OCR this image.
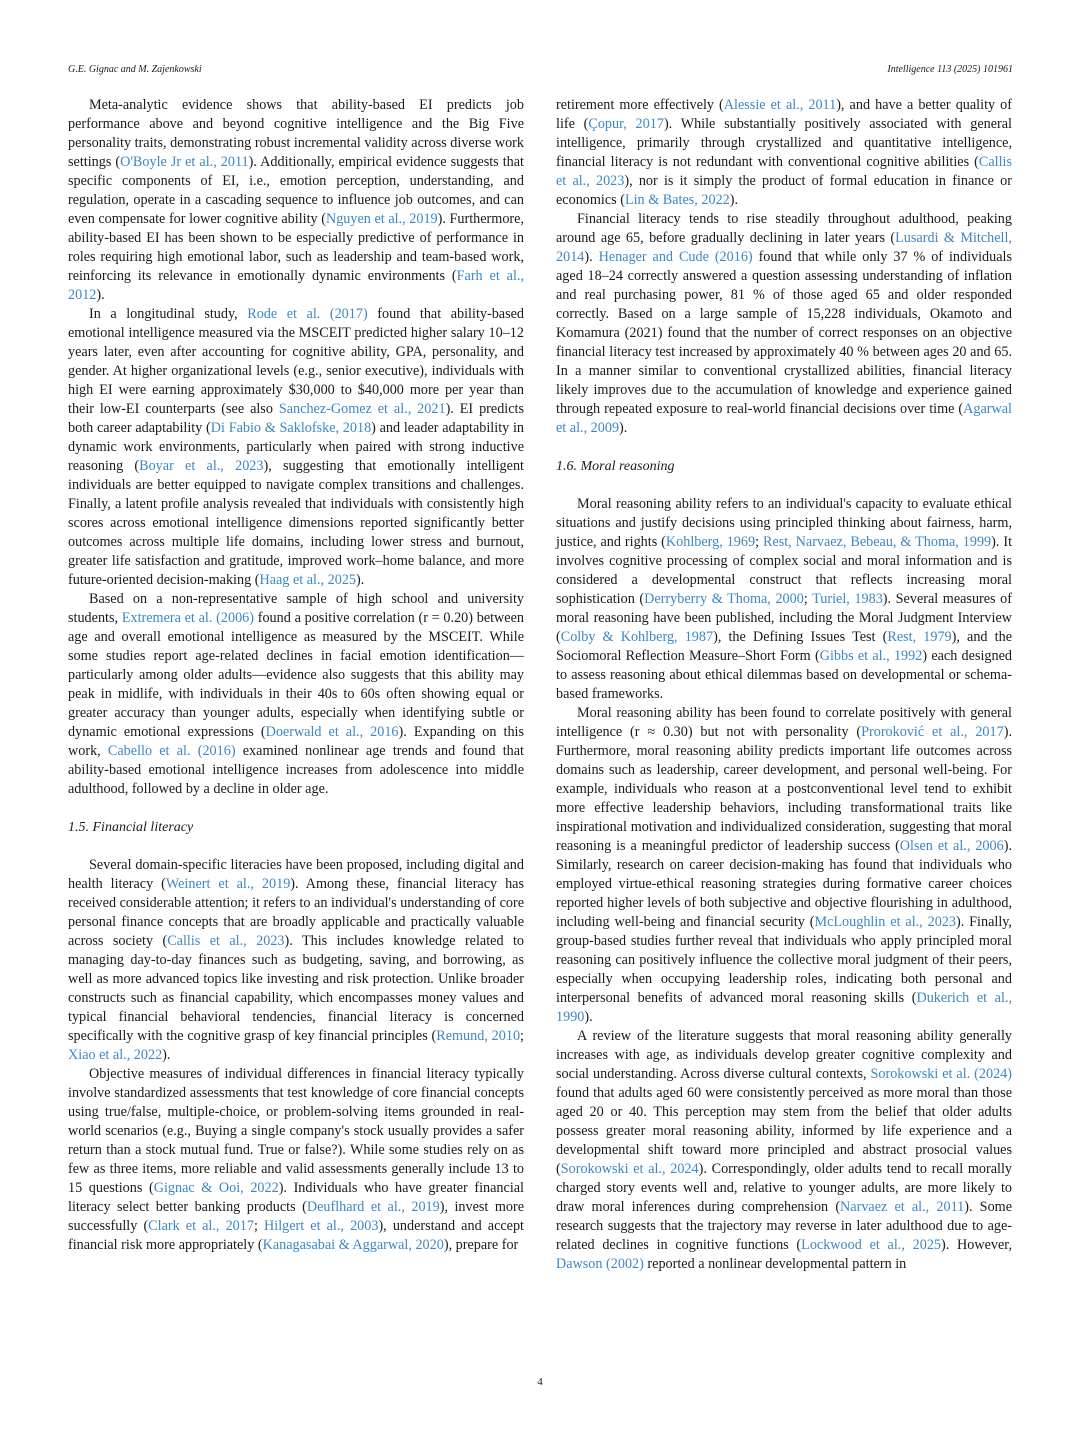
G.E. Gignac and M. Zajenkowski	Intelligence 113 (2025) 101961

Meta-analytic evidence shows that ability-based EI predicts job performance above and beyond cognitive intelligence and the Big Five personality traits, demonstrating robust incremental validity across diverse work settings (O'Boyle Jr et al., 2011). Additionally, empirical evidence suggests that specific components of EI, i.e., emotion perception, understanding, and regulation, operate in a cascading sequence to influence job outcomes, and can even compensate for lower cognitive ability (Nguyen et al., 2019). Furthermore, ability-based EI has been shown to be especially predictive of performance in roles requiring high emotional labor, such as leadership and team-based work, reinforcing its relevance in emotionally dynamic environments (Farh et al., 2012).

In a longitudinal study, Rode et al. (2017) found that ability-based emotional intelligence measured via the MSCEIT predicted higher salary 10–12 years later, even after accounting for cognitive ability, GPA, personality, and gender. At higher organizational levels (e.g., senior executive), individuals with high EI were earning approximately $30,000 to $40,000 more per year than their low-EI counterparts (see also Sanchez-Gomez et al., 2021). EI predicts both career adaptability (Di Fabio & Saklofske, 2018) and leader adaptability in dynamic work environments, particularly when paired with strong inductive reasoning (Boyar et al., 2023), suggesting that emotionally intelligent individuals are better equipped to navigate complex transitions and challenges. Finally, a latent profile analysis revealed that individuals with consistently high scores across emotional intelligence dimensions reported significantly better outcomes across multiple life domains, including lower stress and burnout, greater life satisfaction and gratitude, improved work–home balance, and more future-oriented decision-making (Haag et al., 2025).

Based on a non-representative sample of high school and university students, Extremera et al. (2006) found a positive correlation (r = 0.20) between age and overall emotional intelligence as measured by the MSCEIT. While some studies report age-related declines in facial emotion identification—particularly among older adults—evidence also suggests that this ability may peak in midlife, with individuals in their 40s to 60s often showing equal or greater accuracy than younger adults, especially when identifying subtle or dynamic emotional expressions (Doerwald et al., 2016). Expanding on this work, Cabello et al. (2016) examined nonlinear age trends and found that ability-based emotional intelligence increases from adolescence into middle adulthood, followed by a decline in older age.

1.5. Financial literacy

Several domain-specific literacies have been proposed, including digital and health literacy (Weinert et al., 2019). Among these, financial literacy has received considerable attention; it refers to an individual's understanding of core personal finance concepts that are broadly applicable and practically valuable across society (Callis et al., 2023). This includes knowledge related to managing day-to-day finances such as budgeting, saving, and borrowing, as well as more advanced topics like investing and risk protection. Unlike broader constructs such as financial capability, which encompasses money values and typical financial behavioral tendencies, financial literacy is concerned specifically with the cognitive grasp of key financial principles (Remund, 2010; Xiao et al., 2022).

Objective measures of individual differences in financial literacy typically involve standardized assessments that test knowledge of core financial concepts using true/false, multiple-choice, or problem-solving items grounded in real-world scenarios (e.g., Buying a single company's stock usually provides a safer return than a stock mutual fund. True or false?). While some studies rely on as few as three items, more reliable and valid assessments generally include 13 to 15 questions (Gignac & Ooi, 2022). Individuals who have greater financial literacy select better banking products (Deuflhard et al., 2019), invest more successfully (Clark et al., 2017; Hilgert et al., 2003), understand and accept financial risk more appropriately (Kanagasabai & Aggarwal, 2020), prepare for

retirement more effectively (Alessie et al., 2011), and have a better quality of life (Çopur, 2017). While substantially positively associated with general intelligence, primarily through crystallized and quantitative intelligence, financial literacy is not redundant with conventional cognitive abilities (Callis et al., 2023), nor is it simply the product of formal education in finance or economics (Lin & Bates, 2022).

Financial literacy tends to rise steadily throughout adulthood, peaking around age 65, before gradually declining in later years (Lusardi & Mitchell, 2014). Henager and Cude (2016) found that while only 37 % of individuals aged 18–24 correctly answered a question assessing understanding of inflation and real purchasing power, 81 % of those aged 65 and older responded correctly. Based on a large sample of 15,228 individuals, Okamoto and Komamura (2021) found that the number of correct responses on an objective financial literacy test increased by approximately 40 % between ages 20 and 65. In a manner similar to conventional crystallized abilities, financial literacy likely improves due to the accumulation of knowledge and experience gained through repeated exposure to real-world financial decisions over time (Agarwal et al., 2009).

1.6. Moral reasoning

Moral reasoning ability refers to an individual's capacity to evaluate ethical situations and justify decisions using principled thinking about fairness, harm, justice, and rights (Kohlberg, 1969; Rest, Narvaez, Bebeau, & Thoma, 1999). It involves cognitive processing of complex social and moral information and is considered a developmental construct that reflects increasing moral sophistication (Derryberry & Thoma, 2000; Turiel, 1983). Several measures of moral reasoning have been published, including the Moral Judgment Interview (Colby & Kohlberg, 1987), the Defining Issues Test (Rest, 1979), and the Sociomoral Reflection Measure–Short Form (Gibbs et al., 1992) each designed to assess reasoning about ethical dilemmas based on developmental or schema-based frameworks.

Moral reasoning ability has been found to correlate positively with general intelligence (r ≈ 0.30) but not with personality (Proroković et al., 2017). Furthermore, moral reasoning ability predicts important life outcomes across domains such as leadership, career development, and personal well-being. For example, individuals who reason at a postconventional level tend to exhibit more effective leadership behaviors, including transformational traits like inspirational motivation and individualized consideration, suggesting that moral reasoning is a meaningful predictor of leadership success (Olsen et al., 2006). Similarly, research on career decision-making has found that individuals who employed virtue-ethical reasoning strategies during formative career choices reported higher levels of both subjective and objective flourishing in adulthood, including well-being and financial security (McLoughlin et al., 2023). Finally, group-based studies further reveal that individuals who apply principled moral reasoning can positively influence the collective moral judgment of their peers, especially when occupying leadership roles, indicating both personal and interpersonal benefits of advanced moral reasoning skills (Dukerich et al., 1990).

A review of the literature suggests that moral reasoning ability generally increases with age, as individuals develop greater cognitive complexity and social understanding. Across diverse cultural contexts, Sorokowski et al. (2024) found that adults aged 60 were consistently perceived as more moral than those aged 20 or 40. This perception may stem from the belief that older adults possess greater moral reasoning ability, informed by life experience and a developmental shift toward more principled and abstract prosocial values (Sorokowski et al., 2024). Correspondingly, older adults tend to recall morally charged story events well and, relative to younger adults, are more likely to draw moral inferences during comprehension (Narvaez et al., 2011). Some research suggests that the trajectory may reverse in later adulthood due to age-related declines in cognitive functions (Lockwood et al., 2025). However, Dawson (2002) reported a nonlinear developmental pattern in

4
